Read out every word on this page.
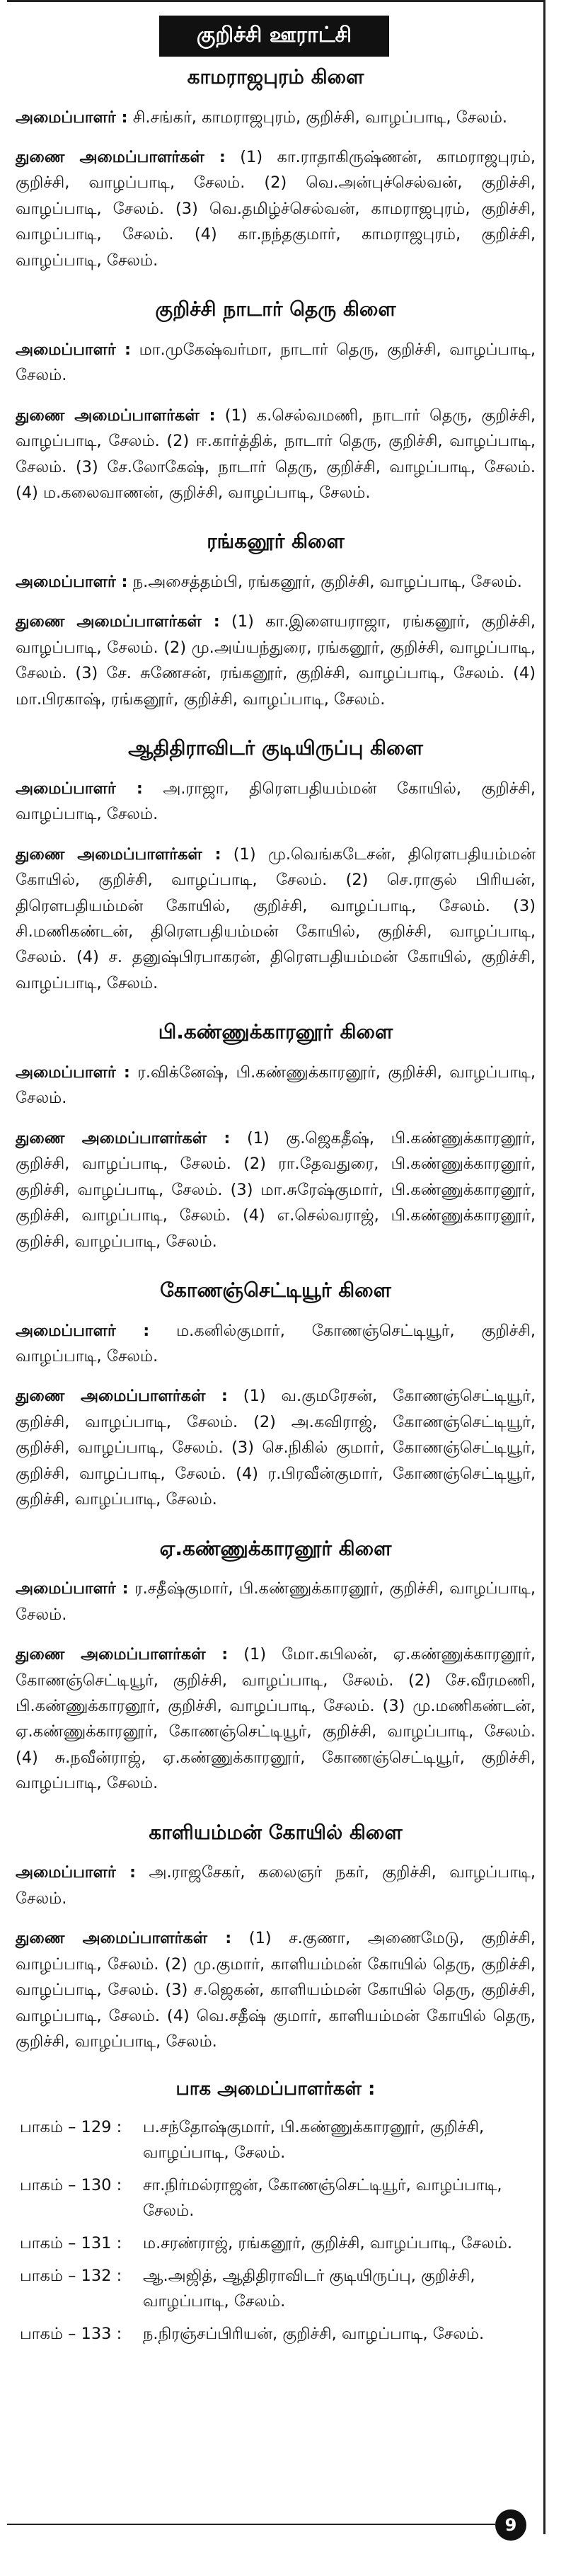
குறிச்சி ஊராட்சி
காமராஜபுரம் கிளை

அமைப்பாளர் : சி.சங்கர், காமராஜபுரம், குறிச்சி, வாழப்பாடி, சேலம்.

துணை அமைப்பாளர்கள் : (1) கா.ராதாகிருஷ்ணன், காமராஜபுரம், குறிச்சி, வாழப்பாடி, சேலம். (2) வெ.அன்புச்செல்வன், குறிச்சி, வாழப்பாடி, சேலம். (3) வெ.தமிழ்ச்செல்வன், காமராஜபுரம், குறிச்சி, வாழப்பாடி, சேலம். (4) கா.நந்தகுமார், காமராஜபுரம், குறிச்சி, வாழப்பாடி, சேலம்.

குறிச்சி நாடார் தெரு கிளை

அமைப்பாளர் : மா.முகேஷ்வர்மா, நாடார் தெரு, குறிச்சி, வாழப்பாடி, சேலம்.

துணை அமைப்பாளர்கள் : (1) க.செல்வமணி, நாடார் தெரு, குறிச்சி, வாழப்பாடி, சேலம். (2) ஈ.கார்த்திக், நாடார் தெரு, குறிச்சி, வாழப்பாடி, சேலம். (3) சே.லோகேஷ், நாடார் தெரு, குறிச்சி, வாழப்பாடி, சேலம். (4) ம.கலைவாணன், குறிச்சி, வாழப்பாடி, சேலம்.

ரங்கனூர் கிளை

அமைப்பாளர் : ந.அசைத்தம்பி, ரங்கனூர், குறிச்சி, வாழப்பாடி, சேலம்.

துணை அமைப்பாளர்கள் : (1) கா.இளையராஜா, ரங்கனூர், குறிச்சி, வாழப்பாடி, சேலம். (2) மு.அய்யந்துரை, ரங்கனூர், குறிச்சி, வாழப்பாடி, சேலம். (3) சே. சுணேசன், ரங்கனூர், குறிச்சி, வாழப்பாடி, சேலம். (4) மா.பிரகாஷ், ரங்கனூர், குறிச்சி, வாழப்பாடி, சேலம்.

ஆதிதிராவிடர் குடியிருப்பு கிளை

அமைப்பாளர் : அ.ராஜா, திரௌபதியம்மன் கோயில், குறிச்சி, வாழப்பாடி, சேலம்.

துணை அமைப்பாளர்கள் : (1) மு.வெங்கடேசன், திரௌபதியம்மன் கோயில், குறிச்சி, வாழப்பாடி, சேலம். (2) செ.ராகுல் பிரியன், திரௌபதியம்மன் கோயில், குறிச்சி, வாழப்பாடி, சேலம். (3) சி.மணிகண்டன், திரௌபதியம்மன் கோயில், குறிச்சி, வாழப்பாடி, சேலம். (4) ச. தனுஷ்பிரபாகரன், திரௌபதியம்மன் கோயில், குறிச்சி, வாழப்பாடி, சேலம்.

பி.கண்ணுக்காரனூர் கிளை

அமைப்பாளர் : ர.விக்னேஷ், பி.கண்ணுக்காரனூர், குறிச்சி, வாழப்பாடி, சேலம்.

துணை அமைப்பாளர்கள் : (1) கு.ஜெகதீஷ், பி.கண்ணுக்காரனூர், குறிச்சி, வாழப்பாடி, சேலம். (2) ரா.தேவதுரை, பி.கண்ணுக்காரனூர், குறிச்சி, வாழப்பாடி, சேலம். (3) மா.சுரேஷ்குமார், பி.கண்ணுக்காரனூர், குறிச்சி, வாழப்பாடி, சேலம். (4) எ.செல்வராஜ், பி.கண்ணுக்காரனூர், குறிச்சி, வாழப்பாடி, சேலம்.

கோணஞ்செட்டியூர் கிளை

அமைப்பாளர் : ம.கனில்குமார், கோணஞ்செட்டியூர், குறிச்சி, வாழப்பாடி, சேலம்.

துணை அமைப்பாளர்கள் : (1) வ.குமரேசன், கோணஞ்செட்டியூர், குறிச்சி, வாழப்பாடி, சேலம். (2) அ.கவிராஜ், கோணஞ்செட்டியூர், குறிச்சி, வாழப்பாடி, சேலம். (3) செ.நிகில் குமார், கோணஞ்செட்டியூர், குறிச்சி, வாழப்பாடி, சேலம். (4) ர.பிரவீன்குமார், கோணஞ்செட்டியூர், குறிச்சி, வாழப்பாடி, சேலம்.

ஏ.கண்ணுக்காரனூர் கிளை

அமைப்பாளர் : ர.சதீஷ்குமார், பி.கண்ணுக்காரனூர், குறிச்சி, வாழப்பாடி, சேலம்.

துணை அமைப்பாளர்கள் : (1) மோ.கபிலன், ஏ.கண்ணுக்காரனூர், கோணஞ்செட்டியூர், குறிச்சி, வாழப்பாடி, சேலம். (2) சே.வீரமணி, பி.கண்ணுக்காரனூர், குறிச்சி, வாழப்பாடி, சேலம். (3) மு.மணிகண்டன், ஏ.கண்ணுக்காரனூர், கோணஞ்செட்டியூர், குறிச்சி, வாழப்பாடி, சேலம். (4) சு.நவீன்ராஜ், ஏ.கண்ணுக்காரனூர், கோணஞ்செட்டியூர், குறிச்சி, வாழப்பாடி, சேலம்.

காளியம்மன் கோயில் கிளை

அமைப்பாளர் : அ.ராஜசேகர், கலைஞர் நகர், குறிச்சி, வாழப்பாடி, சேலம்.

துணை அமைப்பாளர்கள் : (1) ச.குணா, அணைமேடு, குறிச்சி, வாழப்பாடி, சேலம். (2) மு.குமார், காளியம்மன் கோயில் தெரு, குறிச்சி, வாழப்பாடி, சேலம். (3) ச.ஜெகன், காளியம்மன் கோயில் தெரு, குறிச்சி, வாழப்பாடி, சேலம். (4) வெ.சதீஷ் குமார், காளியம்மன் கோயில் தெரு, குறிச்சி, வாழப்பாடி, சேலம்.

பாக அமைப்பாளர்கள் :
பாகம் – 129 :	ப.சந்தோஷ்குமார், பி.கண்ணுக்காரனூர், குறிச்சி, வாழப்பாடி, சேலம்.
பாகம் – 130 :	சா.நிர்மல்ராஜன், கோணஞ்செட்டியூர், வாழப்பாடி, சேலம்.
பாகம் – 131 :	ம.சரண்ராஜ், ரங்கனூர், குறிச்சி, வாழப்பாடி, சேலம்.
பாகம் – 132 :	ஆ.அஜித், ஆதிதிராவிடர் குடியிருப்பு, குறிச்சி, வாழப்பாடி, சேலம்.
பாகம் – 133 :	ந.நிரஞ்சப்பிரியன், குறிச்சி, வாழப்பாடி, சேலம்.
9
